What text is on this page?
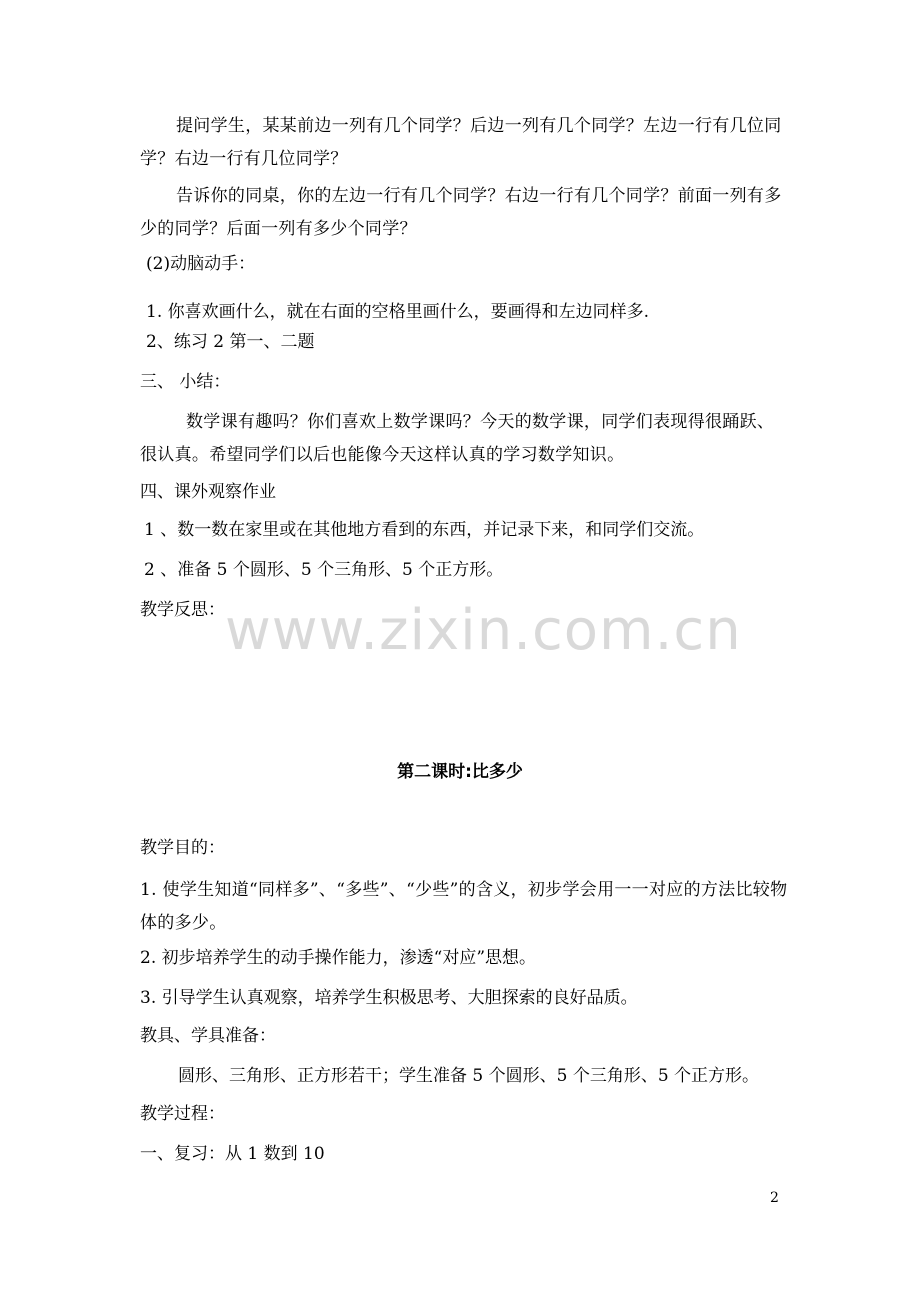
提问学生，某某前边一列有几个同学？后边一列有几个同学？左边一行有几位同学？右边一行有几位同学？
告诉你的同桌，你的左边一行有几个同学？右边一行有几个同学？前面一列有多少的同学？后面一列有多少个同学？
(2)动脑动手：
1. 你喜欢画什么，就在右面的空格里画什么，要画得和左边同样多.
2、练习 2 第一、二题
三、 小结：
数学课有趣吗？你们喜欢上数学课吗？今天的数学课，同学们表现得很踊跃、很认真。希望同学们以后也能像今天这样认真的学习数学知识。
四、课外观察作业
1 、数一数在家里或在其他地方看到的东西，并记录下来，和同学们交流。
2 、准备 5 个圆形、5 个三角形、5 个正方形。
教学反思： www.zixin.com.cn
第二课时:比多少
教学目的：
1. 使学生知道“同样多”、“多些”、“少些”的含义，初步学会用一一对应的方法比较物体的多少。
2. 初步培养学生的动手操作能力，渗透“对应”思想。
3. 引导学生认真观察，培养学生积极思考、大胆探索的良好品质。
教具、学具准备：
圆形、三角形、正方形若干；学生准备 5 个圆形、5 个三角形、5 个正方形。
教学过程：
一、复习：从 1 数到 10
2
